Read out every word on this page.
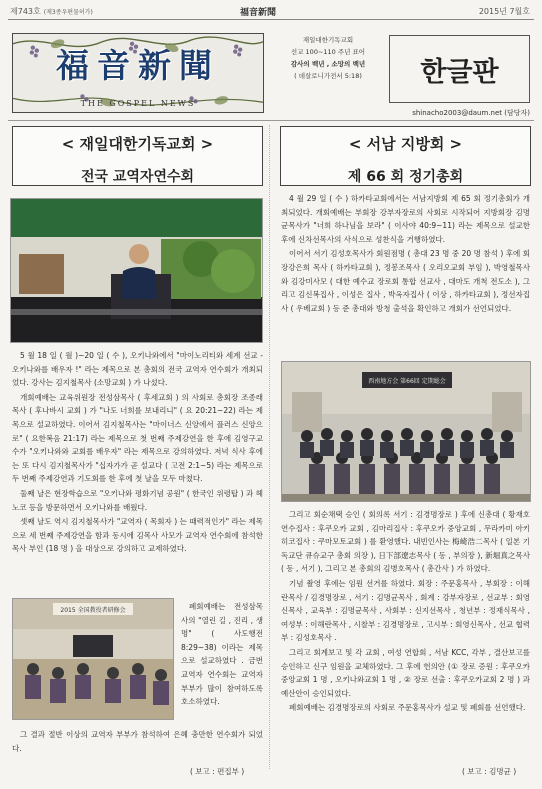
제743호 (제3종우편물허가)	福音新聞	2015년 7월호
福音新聞
THE GOSPEL NEWS
재일대한기독교회
선교 100~110 주년 표어
감사의 백년 , 소망의 백년
( 데살로니가전서 5:18)	한글판
shinacho2003@daum.net (담당자)
< 재일대한기독교회 >
전국 교역자연수회

5 월 18 일 ( 월 )~20 일 ( 수 ), 오키나와에서 "마이노리티와 세계 선교 - 오키나와를 배우자 !" 라는 제목으로 본 총회의 전국 교역자 연수회가 개최되었다. 강사는 김지철목사 (소망교회 ) 가 나섰다.

개회예배는 교육위원장 전성삼목사 ( 후세교회 ) 의 사회로 총회장 조종래목사 ( 후나바시 교회 ) 가 "나도 너희를 보내리니" ( 요 20:21~22) 라는 제목으로 설교하였다. 이어서 김지철목사는 "마이너스 신앙에서 플러스 신앙으로" ( 요한복음 21:17) 라는 제목으로 첫 번째 주제강연을 한 후에 김영구교수가 "오키나와와 교회를 배우자" 라는 제목으로 강의하였다. 저녁 식사 후에는 또 다시 김지철목사가 "십자가가 곧 설교다 ( 고전 2:1~5) 라는 제목으로 두 번째 주제강연과 기도회를 한 후에 첫 날을 모두 마쳤다.

둘째 날은 현장학습으로 "오키나와 평화기념 공원" ( 한국인 위령탑 ) 과 헤노코 등을 방문하면서 오키나와를 배웠다.

셋째 날도 역시 김지철목사가 "교역자 ( 목회자 ) 는 때력적인가" 라는 제목으로 세 번째 주제강연을 함과 동시에 김목사 사모가 교역자 연수회에 참석한 목사 부인 (18 명 ) 을 대상으로 강의하고 교제하였다.

2015 全国教役者研修会	폐회예배는 전성삼목사의 "열린 길 , 진리 , 생명" ( 사도행전 8:29~38) 이라는 제목으로 설교하였다 . 금번 교역자 연수회는 교역자 부부가 많이 참여하도록 호소하였다.

그 결과 절반 이상의 교역자 부부가 참석하여 은혜 충만한 연수회가 되었다.

( 보고 : 편집부 )
< 서남 지방회 >
제 66 회 정기총회

4 월 29 일 ( 수 ) 하카타교회에서는 서남지방회 제 65 회 정기총회가 개최되었다. 개회예배는 부회장 강부자장로의 사회로 시작되어 지방회장 김명균목사가 "너희 하나님을 보라" ( 이사야 40:9~11) 라는 제목으로 설교한 후에 신차선목사의 사식으로 성찬식을 거행하였다.

이어서 서기 김성호목사가 회원점명 ( 총대 23 명 중 20 명 참석 ) 후에 회장강은희 목사 ( 하카타교회 ), 정봉조목사 ( 오리오교회 부임 ), 박영철목사와 김강미사모 ( 대한 예수교 장로회 통합 선교사 , 대마도 개척 전도소 ), 그리고 김신복집사 , 이성은 집사 , 박옥자집사 ( 이상 , 하카타교회 ), 정선자집사 ( 우베교회 ) 등 준 총대와 방청 출석을 확인하고 개회가 선언되었다.

西南地方会 第66回 定期総会

그리고 회순채택 승인 ( 회의록 서기 : 김경명장로 ) 후에 신총대 ( 황재호연수집사 : 후쿠오카 교회 , 김마리집사 : 후쿠오카 중앙교회 , 무라카미 아키히코집사 : 쿠마모토교회 ) 를 환영했다. 내빈인사는 梅崎浩二목사 ( 일본 기독교단 큐슈교구 총회 의장 ), 日下部遼志목사 ( 동 , 부의장 ), 新堀真之목사 ( 동 , 서기 ), 그리고 본 총회의 김병호목사 ( 총간사 ) 가 하였다.

기념 촬영 후에는 임원 선거를 하였다. 회장 : 주문홍목사 , 부회장 : 이해란목사 / 김경명장로 , 서기 : 김명균목사 , 회계 : 강부자장로 , 선교부 : 회영신목사 , 교육부 : 김명균목사 , 사회부 : 신지선목사 , 청년부 : 정재식목사 , 여성부 : 이해란목사 , 시찰부 : 김경명장로 , 고시부 : 회영신목사 , 선교 협력부 : 김성호목사 .

그리고 회계보고 및 각 교회 , 여성 연합회 , 서남 KCC, 각부 , 결산보고를 승인하고 신구 임원을 교체하였다. 그 후에 헌의안 (① 장로 증원 : 후쿠오카 중앙교회 1 명 , 오키나와교회 1 명 , ② 장로 선출 : 후쿠오카교회 2 명 ) 과 예산안이 승인되었다.

폐회예배는 김경명장로의 사회로 주문홍목사가 설교 및 폐회를 선언했다.

( 보고 : 김명균 )
